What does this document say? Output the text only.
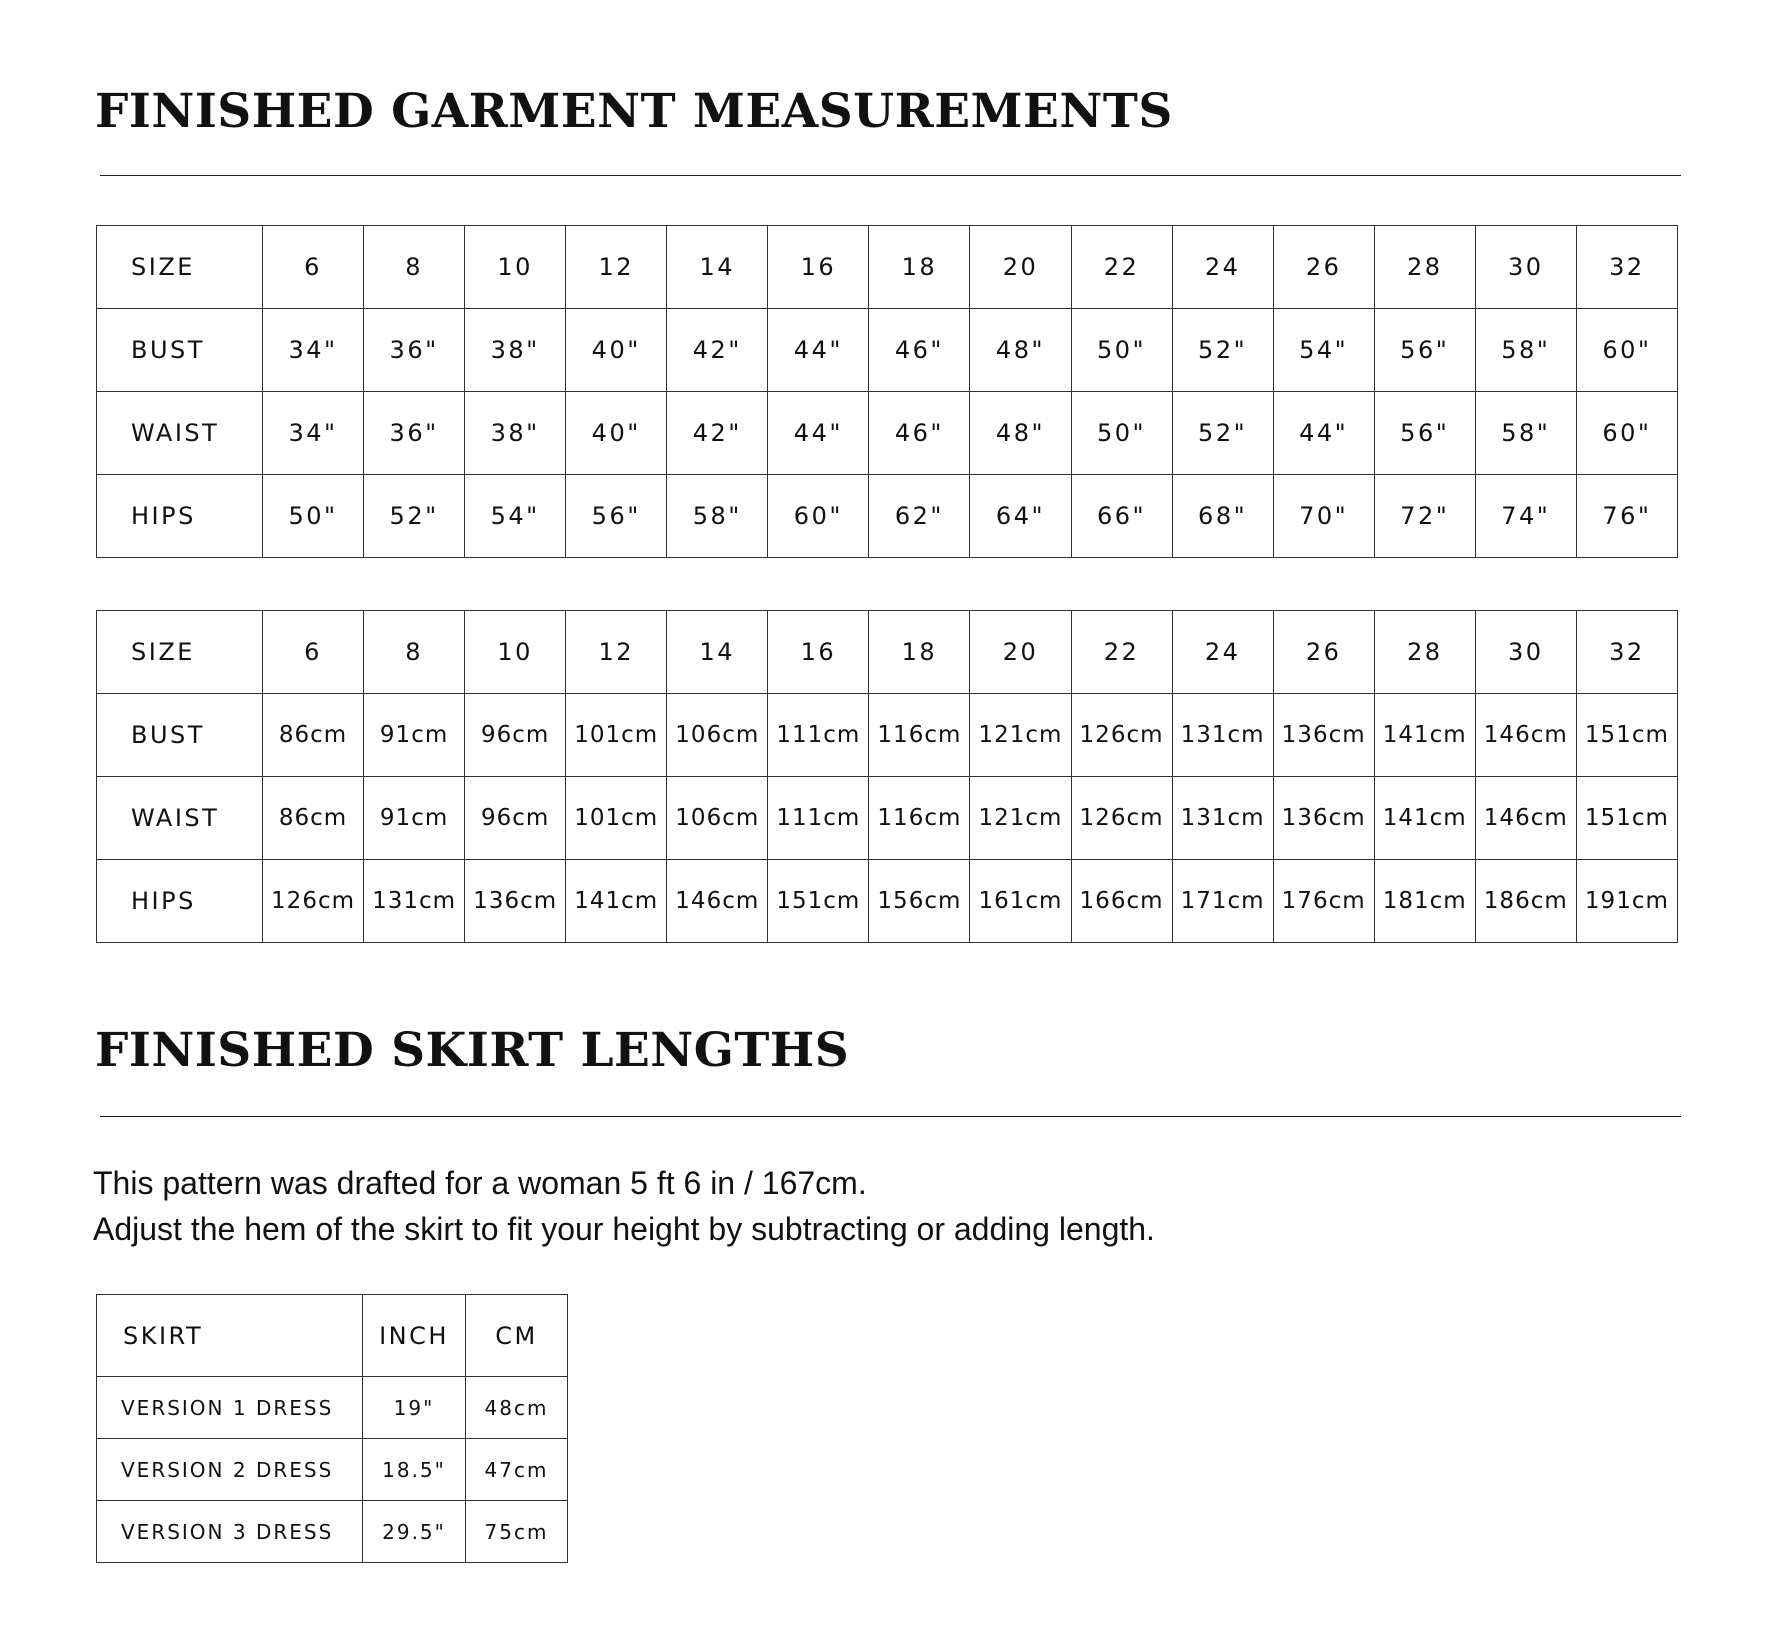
FINISHED GARMENT MEASUREMENTS
SIZE	6	8	10	12	14	16	18	20	22	24	26	28	30	32
BUST	34"	36"	38"	40"	42"	44"	46"	48"	50"	52"	54"	56"	58"	60"
WAIST	34"	36"	38"	40"	42"	44"	46"	48"	50"	52"	44"	56"	58"	60"
HIPS	50"	52"	54"	56"	58"	60"	62"	64"	66"	68"	70"	72"	74"	76"
SIZE	6	8	10	12	14	16	18	20	22	24	26	28	30	32
BUST	86cm	91cm	96cm	101cm	106cm	111cm	116cm	121cm	126cm	131cm	136cm	141cm	146cm	151cm
WAIST	86cm	91cm	96cm	101cm	106cm	111cm	116cm	121cm	126cm	131cm	136cm	141cm	146cm	151cm
HIPS	126cm	131cm	136cm	141cm	146cm	151cm	156cm	161cm	166cm	171cm	176cm	181cm	186cm	191cm
FINISHED SKIRT LENGTHS

This pattern was drafted for a woman 5 ft 6 in / 167cm.
Adjust the hem of the skirt to fit your height by subtracting or adding length.

SKIRT	INCH	CM
VERSION 1 DRESS	19"	48cm
VERSION 2 DRESS	18.5"	47cm
VERSION 3 DRESS	29.5"	75cm
